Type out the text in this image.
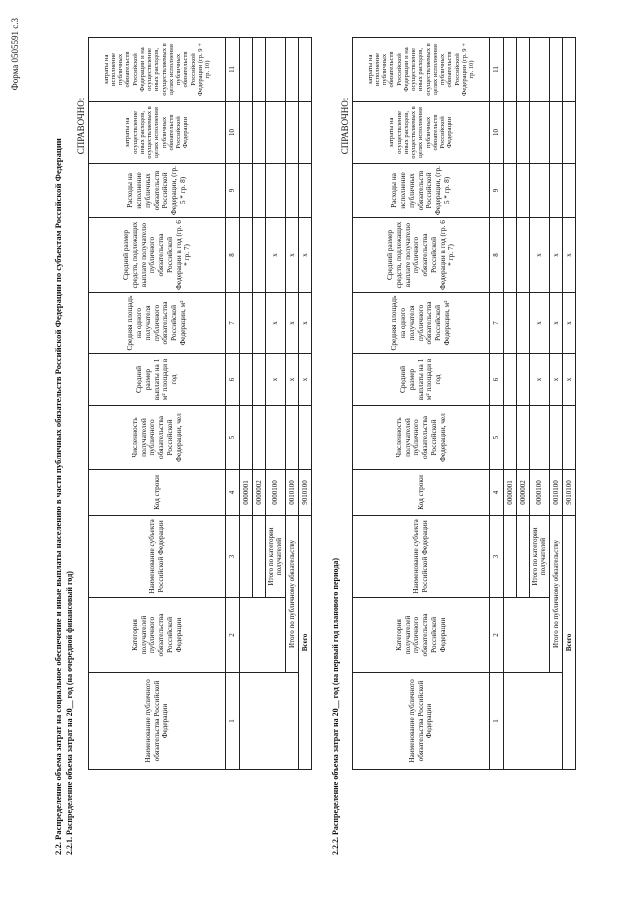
Форма 0505591 с.3
2.2. Распределение объема затрат на социальное обеспечение и иные выплаты населению в части публичных обязательств Российской Федерации по субъектам Российской Федерации 2.2.1. Распределение объема затрат на 20__ год (на очередной финансовый год)
СПРАВОЧНО:
Наименование публичного обязательства Российской Федерации	Категория получателей публичного обязательства Российской Федерации	Наименование субъекта Российской Федерации	Код строки	Численность получателей публичного обязательства Российской Федерации, чел	Средний размер выплаты на 1 м² площади в год	Средняя площадь на одного получателя публичного обязательства Российской Федерации, м²	Средний размер средств, подлежащих выплате получателю публичного обязательства Российской Федерации в год (гр. 6 * гр. 7)	Расходы на исполнение публичных обязательств Российской Федерации, (гр. 5 * гр. 8)	затраты на осуществление иных расходов, осуществляемых в целях исполнения публичных обязательств Российской Федерации	затраты на исполнение публичных обязательств Российской Федерации и на осуществление иных расходов, осуществляемых в целях исполнения публичных обязательств Российской Федерации (гр. 9 + гр. 10)
1	2	3	4	5	6	7	8	9	10	11
			0000001							
			0000002							
		Итого по категории получателей	0000100		x	x	x			
	Итого по публичному обязательству		0010100		x	x	x			
Всего			9010100		x	x	x			
2.2.2. Распределение объема затрат на 20__ год (на первый год планового периода)
СПРАВОЧНО:
Наименование публичного обязательства Российской Федерации	Категория получателей публичного обязательства Российской Федерации	Наименование субъекта Российской Федерации	Код строки	Численность получателей публичного обязательства Российской Федерации, чел	Средний размер выплаты на 1 м² площади в год	Средняя площадь на одного получателя публичного обязательства Российской Федерации, м²	Средний размер средств, подлежащих выплате получателю публичного обязательства Российской Федерации в год (гр. 6 * гр. 7)	Расходы на исполнение публичных обязательств Российской Федерации, (гр. 5 * гр. 8)	затраты на осуществление иных расходов, осуществляемых в целях исполнения публичных обязательств Российской Федерации	затраты на исполнение публичных обязательств Российской Федерации и на осуществление иных расходов, осуществляемых в целях исполнения публичных обязательств Российской Федерации (гр. 9 + гр. 10)
1	2	3	4	5	6	7	8	9	10	11
			0000001							
			0000002							
		Итого по категории получателей	0000100		x	x	x			
	Итого по публичному обязательству		0010100		x	x	x			
Всего			9010100		x	x	x			
